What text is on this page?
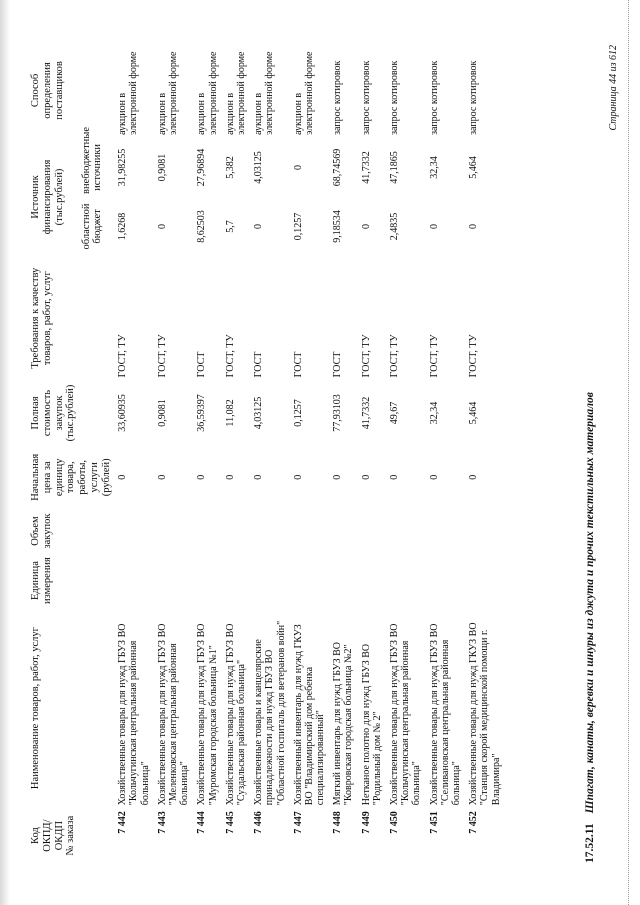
Код
ОКПД/
ОКДП
№ заказа	Наименование товаров, работ, услуг	Единица измерения	Объем закупок	Начальная цена за единицу товара, работы, услуги (рублей)	Полная стоимость закупок (тыс.рублей)	Требования к качеству товаров, работ, услуг	Источник финансирования (тыс.рублей)		Способ определения поставщиков
							областной бюджет	внебюджетные источники	
7 442	Хозяйственные товары для нужд ГБУЗ ВО "Кольчугинская центральная районная больница"			0	33,60935	ГОСТ, ТУ	1,6268	31,98255	аукцион в электронной форме
7 443	Хозяйственные товары для нужд ГБУЗ ВО "Меленковская центральная районная больница"			0	0,9081	ГОСТ, ТУ	0	0,9081	аукцион в электронной форме
7 444	Хозяйственные товары для нужд ГБУЗ ВО "Муромская городская больница №1"			0	36,59397	ГОСТ	8,62503	27,96894	аукцион в электронной форме
7 445	Хозяйственные товары для нужд ГБУЗ ВО "Суздальская районная больница"			0	11,082	ГОСТ, ТУ	5,7	5,382	аукцион в электронной форме
7 446	Хозяйственные товары и канцелярские принадлежности для нужд ГБУЗ ВО "Областной госпиталь для ветеранов войн"			0	4,03125	ГОСТ	0	4,03125	аукцион в электронной форме
7 447	Хозяйственный инвентарь для нужд ГКУЗ ВО "Владимирский дом ребенка специализированный"			0	0,1257	ГОСТ	0,1257	0	аукцион в электронной форме
7 448	Мягкий инвентарь для нужд ГБУЗ ВО "Ковровская городская больница №2"			0	77,93103	ГОСТ	9,18534	68,74569	запрос котировок
7 449	Нетканое полотно для нужд ГБУЗ ВО "Родильный дом № 2"			0	41,7332	ГОСТ, ТУ	0	41,7332	запрос котировок
7 450	Хозяйственные товары для нужд ГБУЗ ВО "Кольчугинская центральная районная больница"			0	49,67	ГОСТ, ТУ	2,4835	47,1865	запрос котировок
7 451	Хозяйственные товары для нужд ГБУЗ ВО "Селивановская центральная районная больница"			0	32,34	ГОСТ, ТУ	0	32,34	запрос котировок
7 452	Хозяйственные товары для нужд ГКУЗ ВО "Станция скорой медицинской помощи г. Владимира"			0	5,464	ГОСТ, ТУ	0	5,464	запрос котировок
17.52.11Шпагат, канаты, веревки и шнуры из джута и прочих текстильных материалов
Страница 44 из 612
